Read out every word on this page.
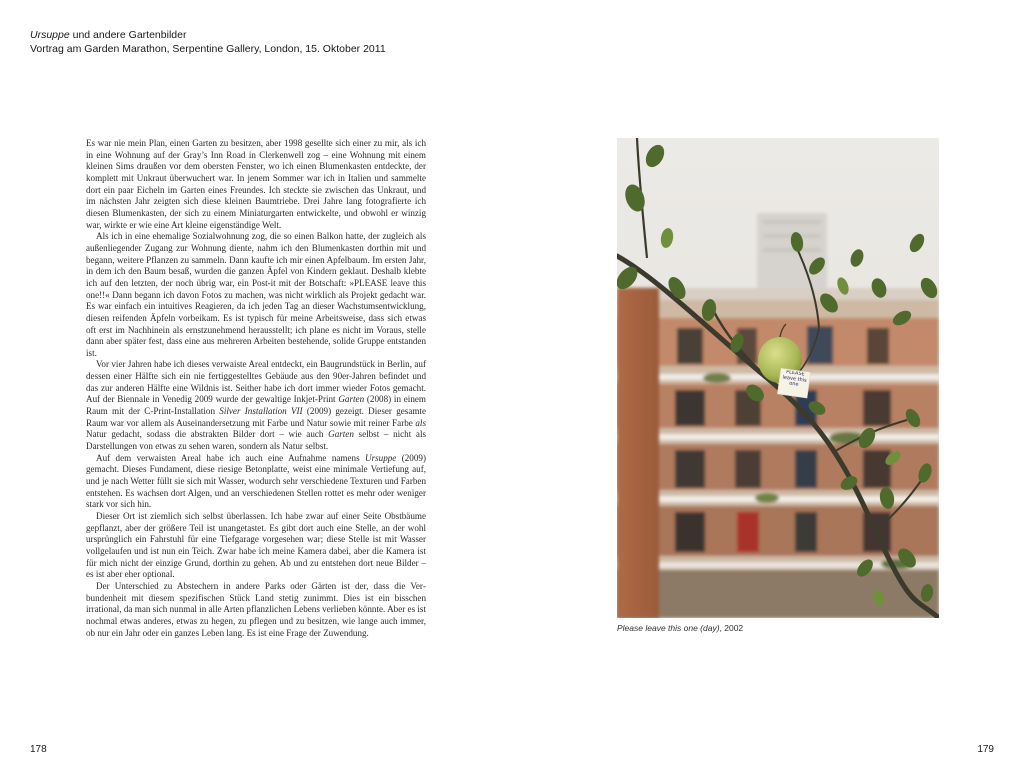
Ursuppe und andere Gartenbilder
Vortrag am Garden Marathon, Serpentine Gallery, London, 15. Oktober 2011

Es war nie mein Plan, einen Garten zu besitzen, aber 1998 gesellte sich einer zu mir, als ich in eine Wohnung auf der Gray’s Inn Road in Clerkenwell zog – eine Wohnung mit einem kleinen Sims draußen vor dem obersten Fenster, wo ich einen Blumenkasten entdeckte, der komplett mit Unkraut überwuchert war. In jenem Sommer war ich in Italien und sammelte dort ein paar Eicheln im Garten eines Freundes. Ich steckte sie zwischen das Unkraut, und im nächsten Jahr zeigten sich diese kleinen Baumtriebe. Drei Jahre lang fotografierte ich diesen Blumenkasten, der sich zu einem Miniaturgarten entwickelte, und obwohl er winzig war, wirkte er wie eine Art kleine eigenständige Welt.

Als ich in eine ehemalige Sozialwohnung zog, die so einen Balkon hatte, der zugleich als außenliegender Zugang zur Wohnung diente, nahm ich den Blumenkasten dorthin mit und begann, weitere Pflanzen zu sammeln. Dann kaufte ich mir einen Apfelbaum. Im ersten Jahr, in dem ich den Baum besaß, wurden die ganzen Äpfel von Kindern geklaut. Deshalb klebte ich auf den letzten, der noch übrig war, ein Post-it mit der Botschaft: »PLEASE leave this one!!« Dann begann ich davon Fotos zu machen, was nicht wirklich als Projekt gedacht war. Es war einfach ein intuitives Reagieren, da ich jeden Tag an dieser Wachstumsentwicklung, diesen reifenden Äpfeln vorbeikam. Es ist typisch für meine Arbeitsweise, dass sich etwas oft erst im Nachhinein als ernstzunehmend herausstellt; ich plane es nicht im Voraus, stelle dann aber später fest, dass eine aus mehreren Arbeiten bestehende, solide Gruppe entstanden ist.

Vor vier Jahren habe ich dieses verwaiste Areal entdeckt, ein Baugrundstück in Berlin, auf dessen einer Hälfte sich ein nie fertiggestelltes Gebäude aus den 90er-Jahren befindet und das zur anderen Hälfte eine Wildnis ist. Seither habe ich dort immer wieder Fotos gemacht. Auf der Biennale in Venedig 2009 wurde der gewaltige Inkjet-Print Garten (2008) in einem Raum mit der C-Print-Installation Silver Installation VII (2009) gezeigt. Dieser gesamte Raum war vor allem als Auseinandersetzung mit Farbe und Natur sowie mit reiner Farbe als Natur gedacht, sodass die abstrakten Bilder dort – wie auch Garten selbst – nicht als Darstellungen von etwas zu sehen waren, sondern als Natur selbst.

Auf dem verwaisten Areal habe ich auch eine Aufnahme namens Ursuppe (2009) gemacht. Dieses Fundament, diese riesige Betonplatte, weist eine minimale Vertiefung auf, und je nach Wetter füllt sie sich mit Wasser, wodurch sehr verschiedene Texturen und Farben entstehen. Es wachsen dort Algen, und an verschiedenen Stellen rottet es mehr oder weniger stark vor sich hin.

Dieser Ort ist ziemlich sich selbst überlassen. Ich habe zwar auf einer Seite Obstbäume gepflanzt, aber der größere Teil ist unangetastet. Es gibt dort auch eine Stelle, an der wohl ursprünglich ein Fahrstuhl für eine Tiefgarage vorgesehen war; diese Stelle ist mit Wasser vollgelaufen und ist nun ein Teich. Zwar habe ich meine Kamera dabei, aber die Kamera ist für mich nicht der einzige Grund, dorthin zu gehen. Ab und zu entstehen dort neue Bilder – es ist aber eher optional.

Der Unterschied zu Abstechern in andere Parks oder Gärten ist der, dass die Verbundenheit mit diesem spezifischen Stück Land stetig zunimmt. Dies ist ein bisschen irrational, da man sich nunmal in alle Arten pflanzlichen Lebens verlieben könnte. Aber es ist nochmal etwas anderes, etwas zu hegen, zu pflegen und zu besitzen, wie lange auch immer, ob nur ein Jahr oder ein ganzes Leben lang. Es ist eine Frage der Zuwendung.

178
PLEASE leave this one
Please leave this one (day), 2002
179
